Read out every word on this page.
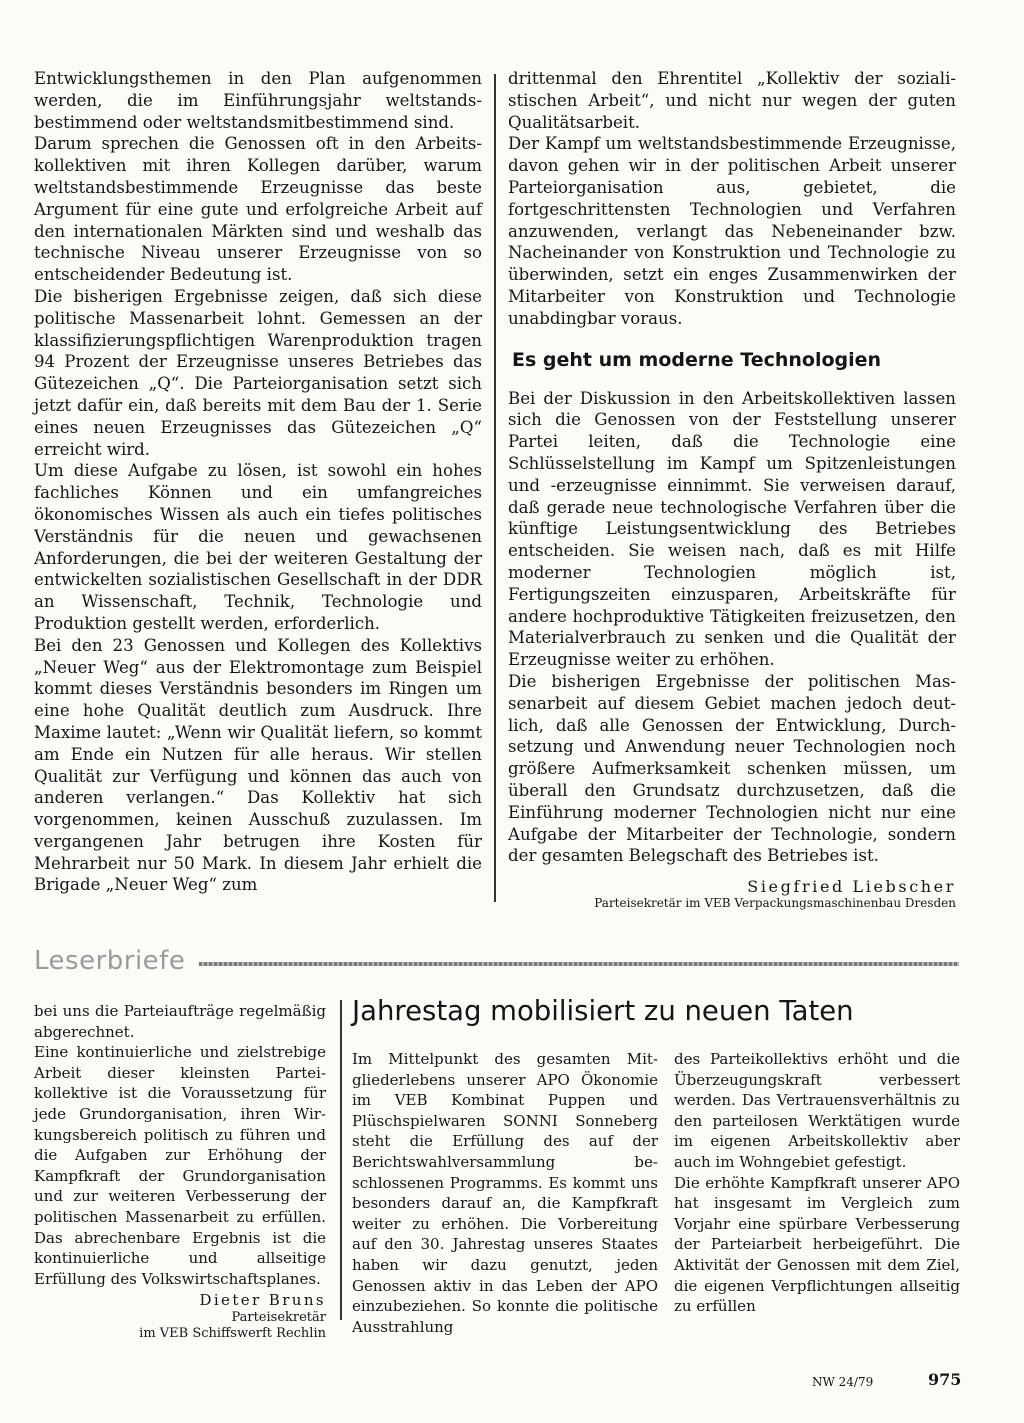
Entwicklungsthemen in den Plan aufgenommen werden, die im Einführungsjahr weltstandsbestimmend oder weltstandsmitbestimmend sind.

Darum sprechen die Genossen oft in den Arbeitskollektiven mit ihren Kollegen darüber, warum weltstandsbestimmende Erzeugnisse das beste Argument für eine gute und erfolgreiche Arbeit auf den internationalen Märkten sind und weshalb das technische Niveau unserer Erzeugnisse von so entscheidender Bedeutung ist.

Die bisherigen Ergebnisse zeigen, daß sich diese politische Massenarbeit lohnt. Gemessen an der klassifizierungspflichtigen Warenproduktion tragen 94 Prozent der Erzeugnisse unseres Betriebes das Gütezeichen „Q“. Die Parteiorganisation setzt sich jetzt dafür ein, daß bereits mit dem Bau der 1. Serie eines neuen Erzeugnisses das Gütezeichen „Q“ erreicht wird.

Um diese Aufgabe zu lösen, ist sowohl ein hohes fachliches Können und ein umfangreiches ökonomisches Wissen als auch ein tiefes politisches Verständnis für die neuen und gewachsenen Anforderungen, die bei der weiteren Gestaltung der entwickelten sozialistischen Gesellschaft in der DDR an Wissenschaft, Technik, Technologie und Produktion gestellt werden, erforderlich.

Bei den 23 Genossen und Kollegen des Kollektivs „Neuer Weg“ aus der Elektromontage zum Beispiel kommt dieses Verständnis besonders im Ringen um eine hohe Qualität deutlich zum Ausdruck. Ihre Maxime lautet: „Wenn wir Qualität liefern, so kommt am Ende ein Nutzen für alle heraus. Wir stellen Qualität zur Verfügung und können das auch von anderen verlangen.“ Das Kollektiv hat sich vorgenommen, keinen Ausschuß zuzulassen. Im vergangenen Jahr betrugen ihre Kosten für Mehrarbeit nur 50 Mark. In diesem Jahr erhielt die Brigade „Neuer Weg“ zum

drittenmal den Ehrentitel „Kollektiv der sozialistischen Arbeit“, und nicht nur wegen der guten Qualitätsarbeit.

Der Kampf um weltstandsbestimmende Erzeugnisse, davon gehen wir in der politischen Arbeit unserer Parteiorganisation aus, gebietet, die fortgeschrittensten Technologien und Verfahren anzuwenden, verlangt das Nebeneinander bzw. Nacheinander von Konstruktion und Technologie zu überwinden, setzt ein enges Zusammenwirken der Mitarbeiter von Konstruktion und Technologie unabdingbar voraus.

Es geht um moderne Technologien

Bei der Diskussion in den Arbeitskollektiven lassen sich die Genossen von der Feststellung unserer Partei leiten, daß die Technologie eine Schlüsselstellung im Kampf um Spitzenleistungen und -erzeugnisse einnimmt. Sie verweisen darauf, daß gerade neue technologische Verfahren über die künftige Leistungsentwicklung des Betriebes entscheiden. Sie weisen nach, daß es mit Hilfe moderner Technologien möglich ist, Fertigungszeiten einzusparen, Arbeitskräfte für andere hochproduktive Tätigkeiten freizusetzen, den Materialverbrauch zu senken und die Qualität der Erzeugnisse weiter zu erhöhen.

Die bisherigen Ergebnisse der politischen Massenarbeit auf diesem Gebiet machen jedoch deutlich, daß alle Genossen der Entwicklung, Durchsetzung und Anwendung neuer Technologien noch größere Aufmerksamkeit schenken müssen, um überall den Grundsatz durchzusetzen, daß die Einführung moderner Technologien nicht nur eine Aufgabe der Mitarbeiter der Technologie, sondern der gesamten Belegschaft des Betriebes ist.

Siegfried Liebscher
Parteisekretär im VEB Verpackungsmaschinenbau Dresden
Leserbriefe

bei uns die Parteiaufträge regelmäßig abgerechnet.

Eine kontinuierliche und zielstrebige Arbeit dieser kleinsten Parteikollektive ist die Voraussetzung für jede Grundorganisation, ihren Wirkungsbereich politisch zu führen und die Aufgaben zur Erhöhung der Kampfkraft der Grundorganisation und zur weiteren Verbesserung der politischen Massenarbeit zu erfüllen. Das abrechenbare Ergebnis ist die kontinuierliche und allseitige Erfüllung des Volkswirtschaftsplanes.

Dieter Bruns
Parteisekretär
im VEB Schiffswerft Rechlin
Jahrestag mobilisiert zu neuen Taten

Im Mittelpunkt des gesamten Mitgliederlebens unserer APO Ökonomie im VEB Kombinat Puppen und Plüschspielwaren SONNI Sonneberg steht die Erfüllung des auf der Berichtswahlversammlung beschlossenen Programms. Es kommt uns besonders darauf an, die Kampfkraft weiter zu erhöhen. Die Vorbereitung auf den 30. Jahrestag unseres Staates haben wir dazu genutzt, jeden Genossen aktiv in das Leben der APO einzubeziehen. So konnte die politische Ausstrahlung

des Parteikollektivs erhöht und die Überzeugungskraft verbessert werden. Das Vertrauensverhältnis zu den parteilosen Werktätigen wurde im eigenen Arbeitskollektiv aber auch im Wohngebiet gefestigt.

Die erhöhte Kampfkraft unserer APO hat insgesamt im Vergleich zum Vorjahr eine spürbare Verbesserung der Parteiarbeit herbeigeführt. Die Aktivität der Genossen mit dem Ziel, die eigenen Verpflichtungen allseitig zu erfüllen

NW 24/79	975
